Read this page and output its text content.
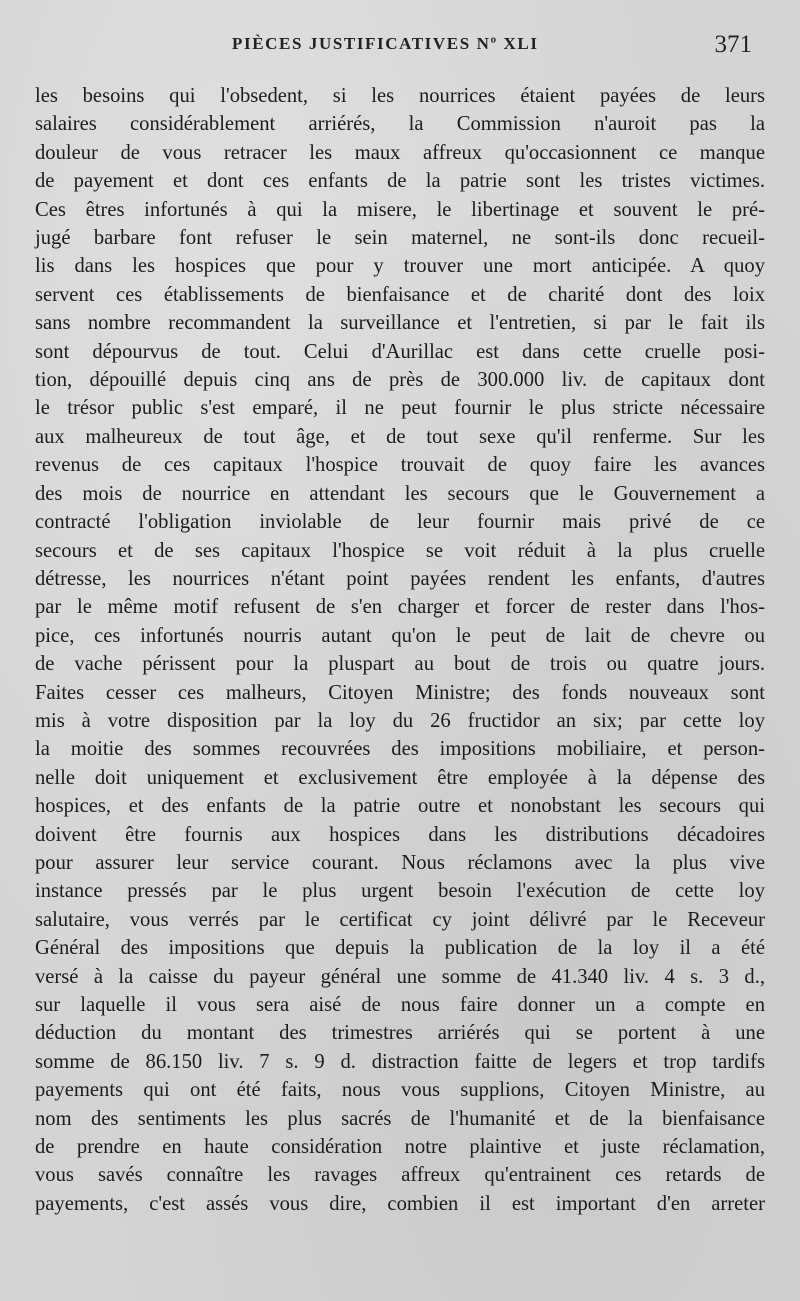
PIÈCES JUSTIFICATIVES Nº XLI	371
les besoins qui l'obsedent, si les nourrices étaient payées de leurs
salaires considérablement arriérés, la Commission n'auroit pas la
douleur de vous retracer les maux affreux qu'occasionnent ce manque
de payement et dont ces enfants de la patrie sont les tristes victimes.
Ces êtres infortunés à qui la misere, le libertinage et souvent le pré-
jugé barbare font refuser le sein maternel, ne sont-ils donc recueil-
lis dans les hospices que pour y trouver une mort anticipée. A quoy
servent ces établissements de bienfaisance et de charité dont des loix
sans nombre recommandent la surveillance et l'entretien, si par le fait ils
sont dépourvus de tout. Celui d'Aurillac est dans cette cruelle posi-
tion, dépouillé depuis cinq ans de près de 300.000 liv. de capitaux dont
le trésor public s'est emparé, il ne peut fournir le plus stricte nécessaire
aux malheureux de tout âge, et de tout sexe qu'il renferme. Sur les
revenus de ces capitaux l'hospice trouvait de quoy faire les avances
des mois de nourrice en attendant les secours que le Gouvernement a
contracté l'obligation inviolable de leur fournir mais privé de ce
secours et de ses capitaux l'hospice se voit réduit à la plus cruelle
détresse, les nourrices n'étant point payées rendent les enfants, d'autres
par le même motif refusent de s'en charger et forcer de rester dans l'hos-
pice, ces infortunés nourris autant qu'on le peut de lait de chevre ou
de vache périssent pour la pluspart au bout de trois ou quatre jours.
Faites cesser ces malheurs, Citoyen Ministre; des fonds nouveaux sont
mis à votre disposition par la loy du 26 fructidor an six; par cette loy
la moitie des sommes recouvrées des impositions mobiliaire, et person-
nelle doit uniquement et exclusivement être employée à la dépense des
hospices, et des enfants de la patrie outre et nonobstant les secours qui
doivent être fournis aux hospices dans les distributions décadoires
pour assurer leur service courant. Nous réclamons avec la plus vive
instance pressés par le plus urgent besoin l'exécution de cette loy
salutaire, vous verrés par le certificat cy joint délivré par le Receveur
Général des impositions que depuis la publication de la loy il a été
versé à la caisse du payeur général une somme de 41.340 liv. 4 s. 3 d.,
sur laquelle il vous sera aisé de nous faire donner un a compte en
déduction du montant des trimestres arriérés qui se portent à une
somme de 86.150 liv. 7 s. 9 d. distraction faitte de legers et trop tardifs
payements qui ont été faits, nous vous supplions, Citoyen Ministre, au
nom des sentiments les plus sacrés de l'humanité et de la bienfaisance
de prendre en haute considération notre plaintive et juste réclamation,
vous savés connaître les ravages affreux qu'entrainent ces retards de
payements, c'est assés vous dire, combien il est important d'en arreter
